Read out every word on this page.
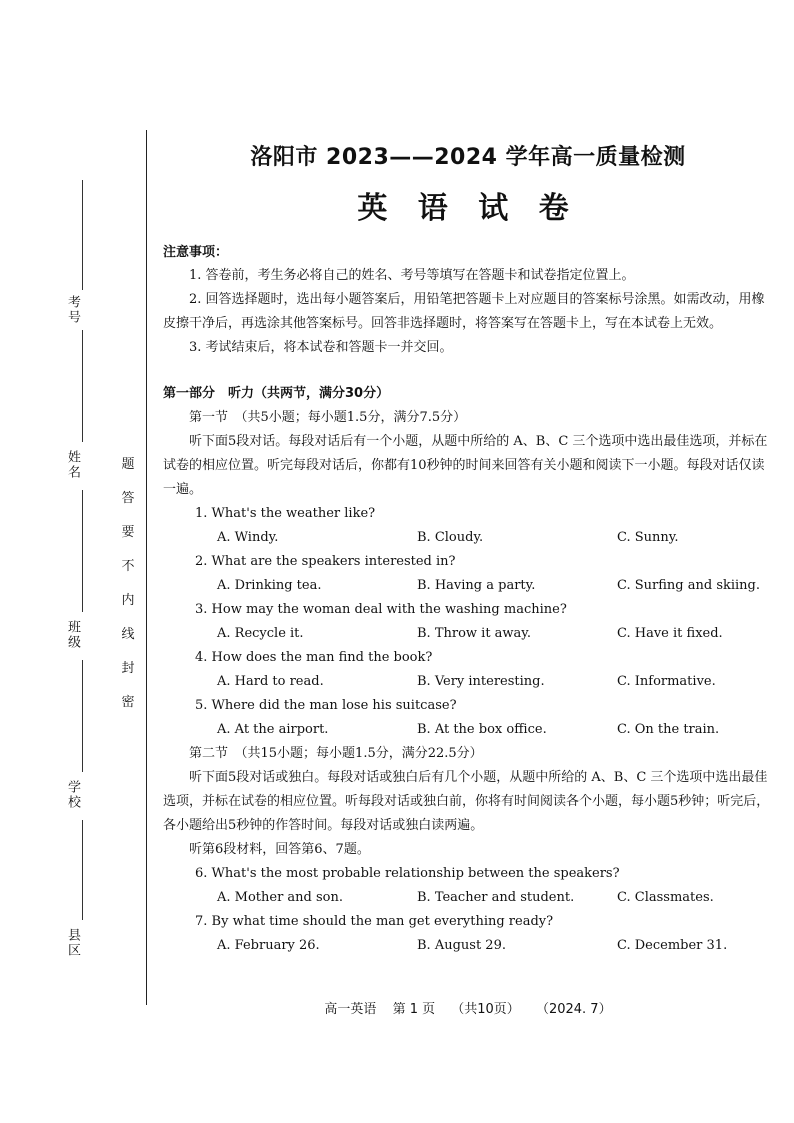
考号
姓名
班级
学校
县区
题
答
要
不
内
线
封
密
洛阳市 2023——2024 学年高一质量检测
英 语 试 卷

注意事项：

1. 答卷前，考生务必将自己的姓名、考号等填写在答题卡和试卷指定位置上。

2. 回答选择题时，选出每小题答案后，用铅笔把答题卡上对应题目的答案标号涂黑。如需改动，用橡皮擦干净后，再选涂其他答案标号。回答非选择题时，将答案写在答题卡上，写在本试卷上无效。

3. 考试结束后，将本试卷和答题卡一并交回。

第一部分　听力（共两节，满分30分）

第一节　（共5小题；每小题1.5分，满分7.5分）

听下面5段对话。每段对话后有一个小题，从题中所给的 A、B、C 三个选项中选出最佳选项，并标在试卷的相应位置。听完每段对话后，你都有10秒钟的时间来回答有关小题和阅读下一小题。每段对话仅读一遍。

1. What's the weather like?

A. Windy.	B. Cloudy.	C. Sunny.

2. What are the speakers interested in?

A. Drinking tea.	B. Having a party.	C. Surfing and skiing.

3. How may the woman deal with the washing machine?

A. Recycle it.	B. Throw it away.	C. Have it fixed.

4. How does the man find the book?

A. Hard to read.	B. Very interesting.	C. Informative.

5. Where did the man lose his suitcase?

A. At the airport.	B. At the box office.	C. On the train.

第二节　（共15小题；每小题1.5分，满分22.5分）

听下面5段对话或独白。每段对话或独白后有几个小题，从题中所给的 A、B、C 三个选项中选出最佳选项，并标在试卷的相应位置。听每段对话或独白前，你将有时间阅读各个小题，每小题5秒钟；听完后，各小题给出5秒钟的作答时间。每段对话或独白读两遍。

听第6段材料，回答第6、7题。

6. What's the most probable relationship between the speakers?

A. Mother and son.	B. Teacher and student.	C. Classmates.

7. By what time should the man get everything ready?

A. February 26.	B. August 29.	C. December 31.
高一英语 第 1 页 （共10页） （2024. 7）
